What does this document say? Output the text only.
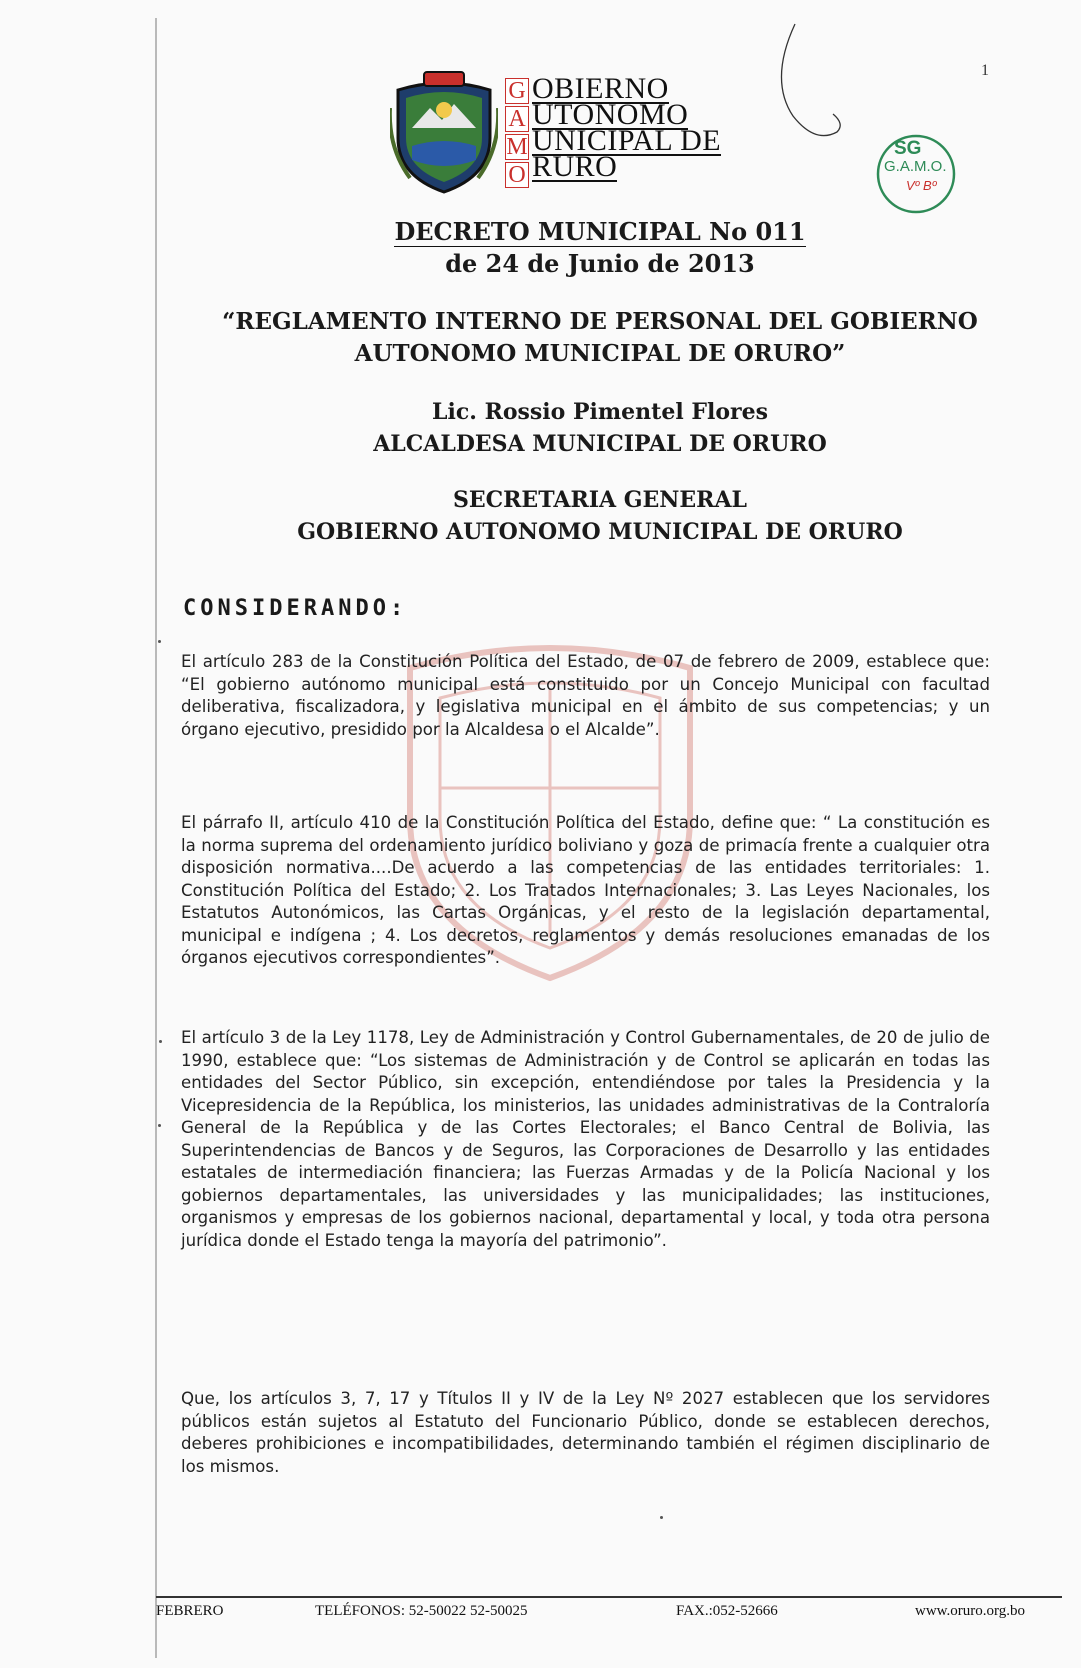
1
G
A
M
O
OBIERNO
UTONOMO
UNICIPAL DE
RURO
SG
G.A.M.O.
Vº Bº
DECRETO MUNICIPAL No 011
de 24 de Junio de 2013
“REGLAMENTO INTERNO DE PERSONAL DEL GOBIERNO
AUTONOMO MUNICIPAL DE ORURO”
Lic. Rossio Pimentel Flores
ALCALDESA MUNICIPAL DE ORURO
SECRETARIA GENERAL
GOBIERNO AUTONOMO MUNICIPAL DE ORURO
CONSIDERANDO:
El artículo 283 de la Constitución Política del Estado, de 07 de febrero de 2009, establece que: “El gobierno autónomo municipal está constituido por un Concejo Municipal con facultad deliberativa, fiscalizadora, y legislativa municipal en el ámbito de sus competencias; y un órgano ejecutivo, presidido por la Alcaldesa o el Alcalde”.
El párrafo II, artículo 410 de la Constitución Política del Estado, define que: “ La constitución es la norma suprema del ordenamiento jurídico boliviano y goza de primacía frente a cualquier otra disposición normativa....De acuerdo a las competencias de las entidades territoriales: 1. Constitución Política del Estado; 2. Los Tratados Internacionales; 3. Las Leyes Nacionales, los Estatutos Autonómicos, las Cartas Orgánicas, y el resto de la legislación departamental, municipal e indígena ; 4. Los decretos, reglamentos y demás resoluciones emanadas de los órganos ejecutivos correspondientes”.
El artículo 3 de la Ley 1178, Ley de Administración y Control Gubernamentales, de 20 de julio de 1990, establece que: “Los sistemas de Administración y de Control se aplicarán en todas las entidades del Sector Público, sin excepción, entendiéndose por tales la Presidencia y la Vicepresidencia de la República, los ministerios, las unidades administrativas de la Contraloría General de la República y de las Cortes Electorales; el Banco Central de Bolivia, las Superintendencias de Bancos y de Seguros, las Corporaciones de Desarrollo y las entidades estatales de intermediación financiera; las Fuerzas Armadas y de la Policía Nacional y los gobiernos departamentales, las universidades y las municipalidades; las instituciones, organismos y empresas de los gobiernos nacional, departamental y local, y toda otra persona jurídica donde el Estado tenga la mayoría del patrimonio”.
Que, los artículos 3, 7, 17 y Títulos II y IV de la Ley Nº 2027 establecen que los servidores públicos están sujetos al Estatuto del Funcionario Público, donde se establecen derechos, deberes prohibiciones e incompatibilidades, determinando también el régimen disciplinario de los mismos.
FEBRERO	TELÉFONOS: 52-50022 52-50025	FAX.:052-52666	www.oruro.org.bo
